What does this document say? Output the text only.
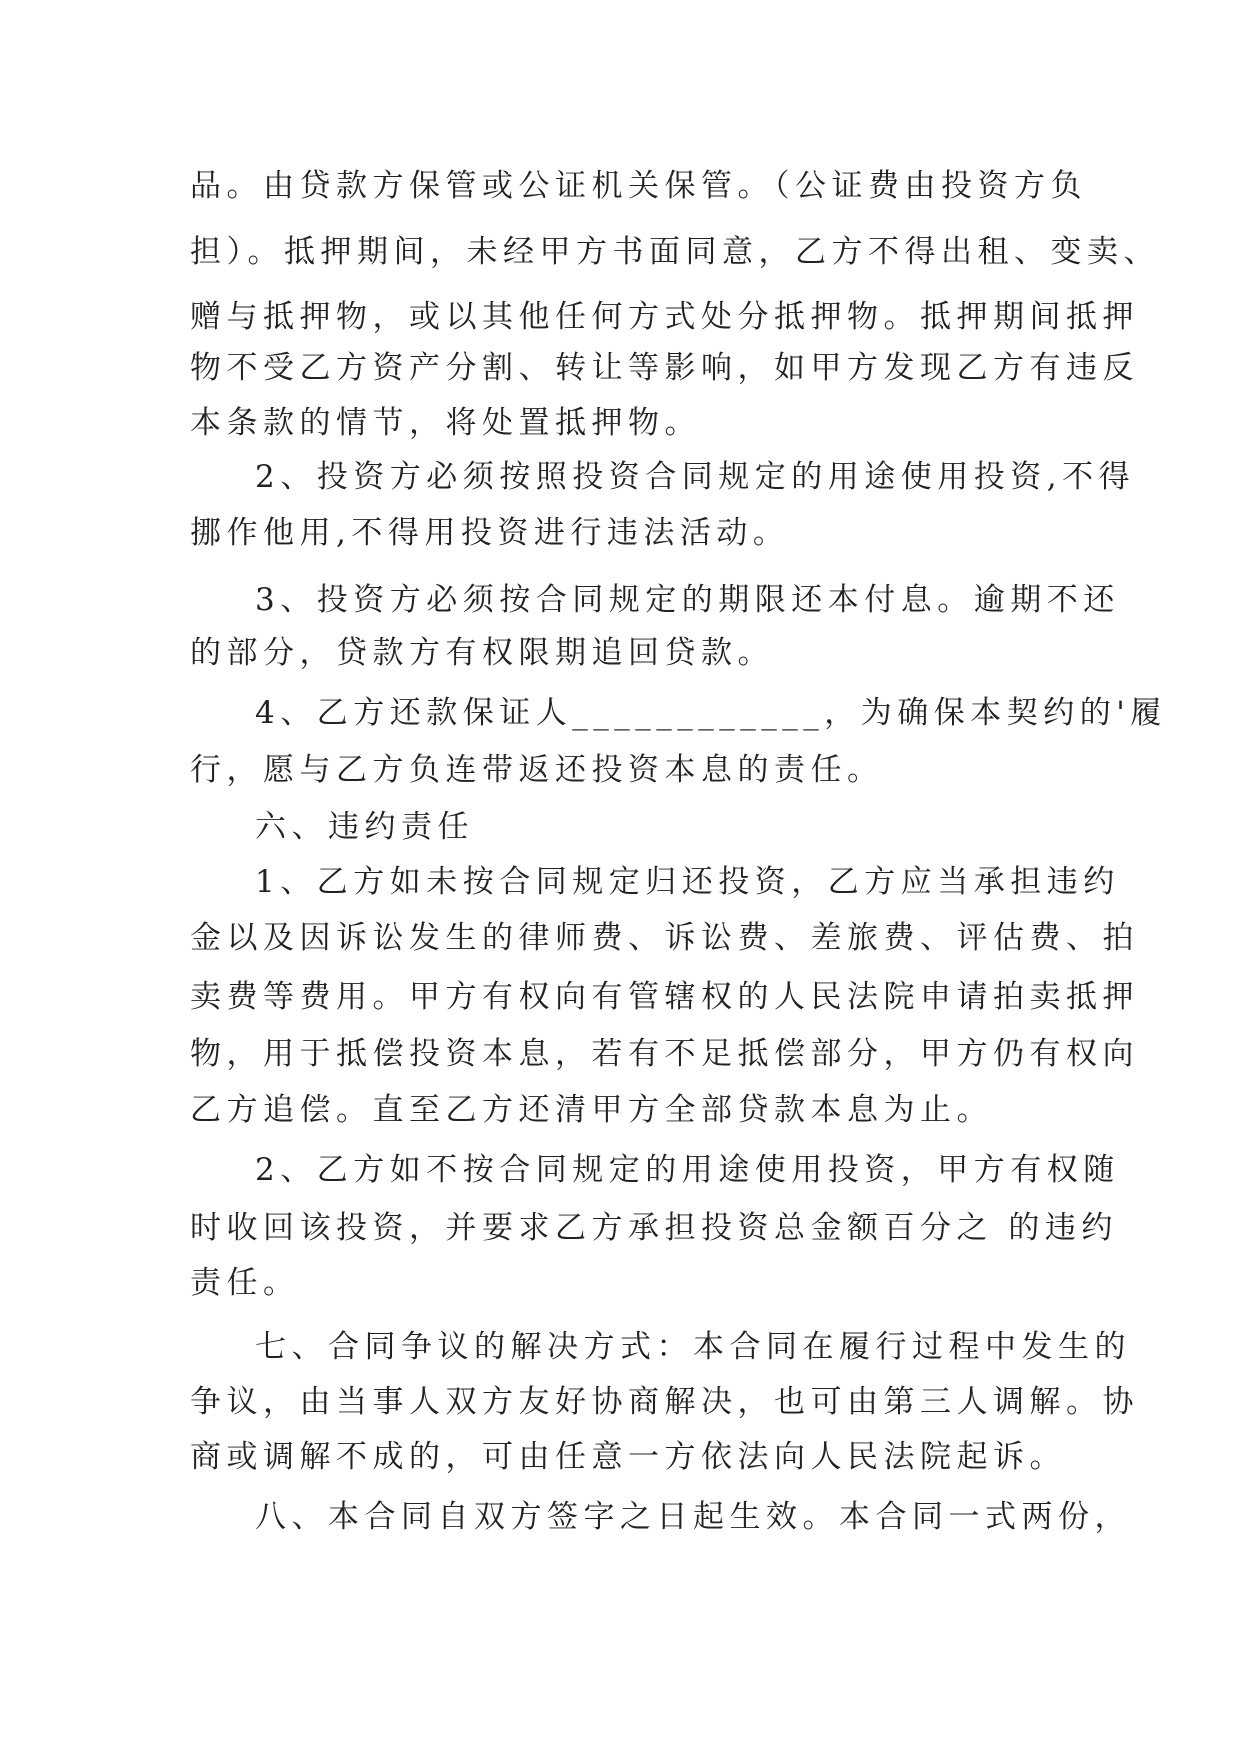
品。由贷款方保管或公证机关保管。（公证费由投资方负

担）。抵押期间，未经甲方书面同意，乙方不得出租、变卖、

赠与抵押物，或以其他任何方式处分抵押物。抵押期间抵押

物不受乙方资产分割、转让等影响，如甲方发现乙方有违反

本条款的情节，将处置抵押物。

2、投资方必须按照投资合同规定的用途使用投资,不得

挪作他用,不得用投资进行违法活动。

3、投资方必须按合同规定的期限还本付息。逾期不还

的部分，贷款方有权限期追回贷款。

4、乙方还款保证人____________，为确保本契约的'履

行，愿与乙方负连带返还投资本息的责任。

六、违约责任

1、乙方如未按合同规定归还投资，乙方应当承担违约

金以及因诉讼发生的律师费、诉讼费、差旅费、评估费、拍

卖费等费用。甲方有权向有管辖权的人民法院申请拍卖抵押

物，用于抵偿投资本息，若有不足抵偿部分，甲方仍有权向

乙方追偿。直至乙方还清甲方全部贷款本息为止。

2、乙方如不按合同规定的用途使用投资，甲方有权随

时收回该投资，并要求乙方承担投资总金额百分之 的违约

责任。

七、合同争议的解决方式：本合同在履行过程中发生的

争议，由当事人双方友好协商解决，也可由第三人调解。协

商或调解不成的，可由任意一方依法向人民法院起诉。

八、本合同自双方签字之日起生效。本合同一式两份，
